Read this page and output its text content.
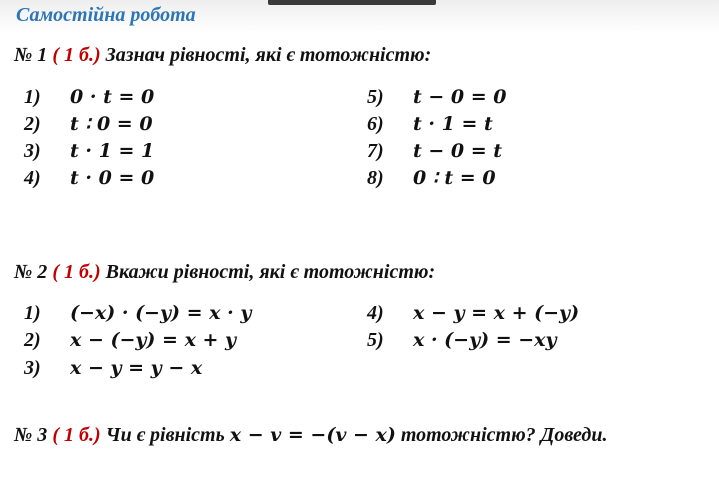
Самостійна робота
№ 1 ( 1 б.) Зазнач рівності, які є тотожністю:
1) 0 · t = 0
2) t ∶ 0 = 0
3) t · 1 = 1
4) t · 0 = 0
5) t − 0 = 0
6) t · 1 = t
7) t − 0 = t
8) 0 ∶ t = 0
№ 2 ( 1 б.) Вкажи рівності, які є тотожністю:
1) (−x) · (−y) = x · y
2) x − (−y) = x + y
3) x − y = y − x
4) x − y = x + (−y)
5) x · (−y) = −xy
№ 3 ( 1 б.) Чи є рівність x − v = −(v − x) тотожністю? Доведи.
